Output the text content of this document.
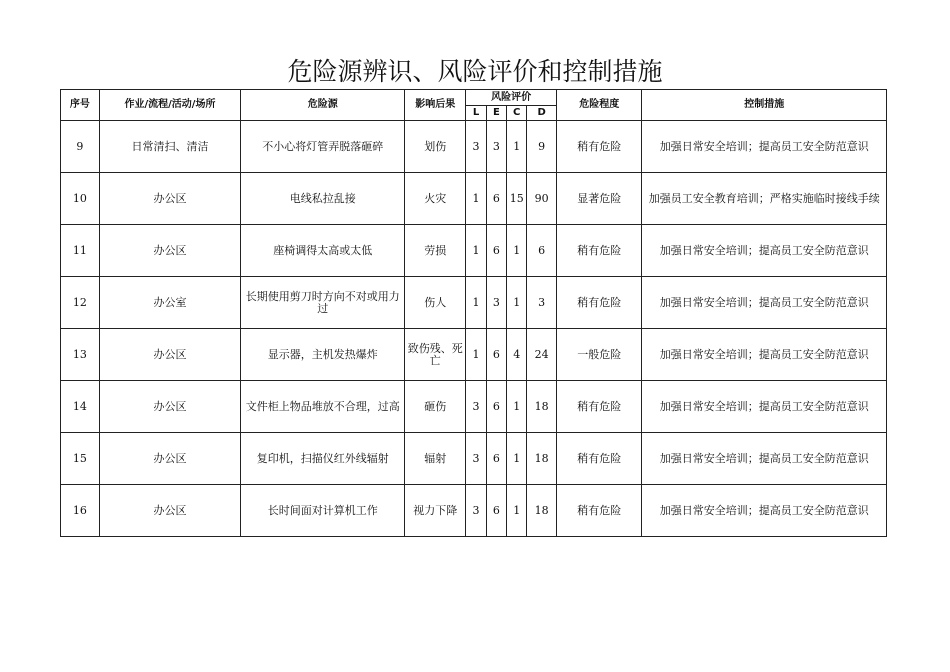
危险源辨识、风险评价和控制措施
序号	作业/流程/活动/场所	危险源	影响后果	风险评价				危险程度	控制措施
				L	E	C	D		
9	日常清扫、清洁	不小心将灯管弄脱落砸碎	划伤	3	3	1	9	稍有危险	加强日常安全培训；提高员工安全防范意识
10	办公区	电线私拉乱接	火灾	1	6	15	90	显著危险	加强员工安全教育培训；严格实施临时接线手续
11	办公区	座椅调得太高或太低	劳损	1	6	1	6	稍有危险	加强日常安全培训；提高员工安全防范意识
12	办公室	长期使用剪刀时方向不对或用力过	伤人	1	3	1	3	稍有危险	加强日常安全培训；提高员工安全防范意识
13	办公区	显示器，主机发热爆炸	致伤残、死亡	1	6	4	24	一般危险	加强日常安全培训；提高员工安全防范意识
14	办公区	文件柜上物品堆放不合理，过高	砸伤	3	6	1	18	稍有危险	加强日常安全培训；提高员工安全防范意识
15	办公区	复印机，扫描仪红外线辐射	辐射	3	6	1	18	稍有危险	加强日常安全培训；提高员工安全防范意识
16	办公区	长时间面对计算机工作	视力下降	3	6	1	18	稍有危险	加强日常安全培训；提高员工安全防范意识
